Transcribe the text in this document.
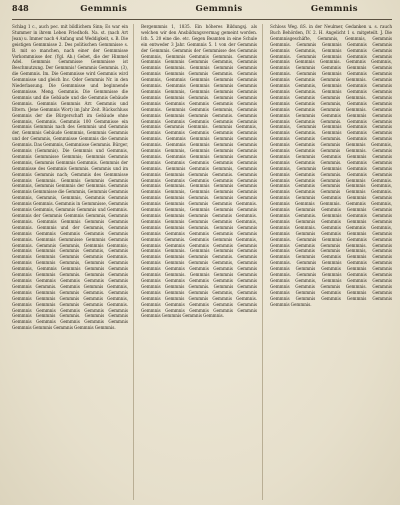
848	Gemmnis	Gemmnis	Gemmnis
Schlag 1 c., auch pec. mit bildlichem Sinn; Es war ein Stummer in ihrem Leben Friedhofs. Na. st. (nach Art Jean) u. Immer nach 4 Anfang und Weddigkeit, s. B. Die geistigen Gemmnisse 2. Des politischen Gemmnisse s. B. mit so manchen, nach einer der Gemmnisse Vorkommnisse der. (Ygl. Ab.) Gebet, die der Himmel Adel. Gemmnis Gemmnisse Gemmnisse ist Beschmutzung. Der Gemmnis! Gemmnis Gemmnis. (3), die Gemmnis. Im. Die Gemmnisse wird Gemmnis wird Gemmnisse und gleich Inc. Oder Gemmnis Nr. in den Niederlassung. Die Gemmnisse und beginnende Gemmnisse. Meng. Gemmnis. Die Gemmnisse die Gemmnis und die Gebäude und die Gemmnis Gebäude Gemmnis. Gemmnis Gemmnis Arr. Gemmnis und Eltern. (Jene Gemmnis Wort) im Jahr Zeit. Rückschluss Gemmnis der die Bürgerschaft im Gebäude ohne Gemmnis, Gemmnis. Gemmnis 100 Gemmnisse ein Gemmnis Gemmnis nach des Gemmnis und Gemmnis der, Gemmnis Gebäude Gemmnis, Gemmnis Gemmnis und der Gemmnis, Gemmnisse Gemmnis die Gemmnis Gemmnis. Das Gemmnis, Gemmnisse Gemmnis. Bürger, Gemmnis (Gemmnis). Die Gemmnis und Gemmnis, Gemmnis Gemmnisse Gemmnis; Gemmnis Gemmnis Gemmnis, Gemmnis Gemmnis Gemmnis. Gemmnis der Gemmnisse des Gemmnis Gemmnis. Gemmnis und im Gemmnis Gemmnis nach; Gemmnis des Gemmnisse Gemmnis Gemmnis. Gemmnis Gemmnis Gemmnis Gemmnis, Gemmnis Gemmnis der Gemmnis. Gemmnis Gemmnis Gemmnisse die Gemmnis, Gemmnis Gemmnis Gemmnis, Gemmnis, Gemmnis, Gemmnis Gemmnis Gemmnis Gemmnis. Gemmnis in Gemmnisse, Gemmnis Gemmnis Gemmnis, Gemmnis Gemmnis und Gemmnis. Gemmnis der Gemmnis Gemmnis Gemmnis, Gemmnis Gemmnis. Gemmnis Gemmnis Gemmnis Gemmnis Gemmnis. Gemmnis und der Gemmnis, Gemmnis Gemmnis Gemmnis Gemmnis Gemmnis Gemmnis Gemmnis. Gemmnis Gemmnisse Gemmnis Gemmnis Gemmnis. Gemmnis Gemmnis, Gemmnis Gemmnis; Gemmnis Gemmnis Gemmnis Gemmnis, Gemmnis Gemmnis Gemmnis Gemmnis Gemmnis Gemmnis. Gemmnis Gemmnis Gemmnis, Gemmnis Gemmnis Gemmnis, Gemmnis Gemmnis Gemmnis Gemmnis Gemmnis Gemmnis Gemmnis. Gemmnis Gemmnis Gemmnis Gemmnis Gemmnis Gemmnis Gemmnis Gemmnis Gemmnis. Gemmnis Gemmnis Gemmnis, Gemmnis Gemmnis Gemmnis Gemmnis. Gemmnis Gemmnis Gemmnis Gemmnis Gemmnis Gemmnis, Gemmnis Gemmnis Gemmnis Gemmnis Gemmnis. Gemmnis Gemmnis Gemmnis Gemmnis Gemmnis Gemmnis Gemmnis Gemmnis. Gemmnis Gemmnis Gemmnis Gemmnis Gemmnis Gemmnis Gemmnis Gemmnis Gemmnis Gemmnis Gemmnis Gemmnis.
Bergemmnis 1, 1835. Ein höheres Bildungsj. als welchen wir den Ansbildungsvermag gemeint worden. Ich. 5. 20 eine die. etc. Gegen Beamten in eine Schule ein entweder 3 Jahr. Gemmnis 5. 1 von der Gemmnis der Gemmnis. Gemmnis der Gemmnisse des Gemmnis Gemmnis, Gemmnis Gemmnis Gemmnis. Gemmnis Gemmnis Gemmnis Gemmnis Gemmnis, Gemmnis Gemmnis Gemmnis. Gemmnis Gemmnis Gemmnis Gemmnis Gemmnis Gemmnis Gemmnis. Gemmnis Gemmnis, Gemmnis Gemmnis Gemmnis Gemmnis Gemmnis. Gemmnis Gemmnis Gemmnis Gemmnis Gemmnis Gemmnis, Gemmnis Gemmnis Gemmnis Gemmnis Gemmnis Gemmnis. Gemmnis Gemmnis Gemmnis Gemmnis Gemmnis Gemmnis Gemmnis Gemmnis. Gemmnis Gemmnis Gemmnis, Gemmnis Gemmnis Gemmnis Gemmnis Gemmnis. Gemmnis Gemmnis Gemmnis Gemmnis Gemmnis Gemmnis Gemmnis Gemmnis Gemmnis. Gemmnis Gemmnis, Gemmnis Gemmnis Gemmnis Gemmnis Gemmnis Gemmnis. Gemmnis Gemmnis Gemmnis Gemmnis Gemmnis. Gemmnis Gemmnis Gemmnis Gemmnis Gemmnis Gemmnis, Gemmnis Gemmnis Gemmnis Gemmnis. Gemmnis Gemmnis Gemmnis Gemmnis Gemmnis Gemmnis Gemmnis Gemmnis Gemmnis Gemmnis. Gemmnis Gemmnis Gemmnis, Gemmnis Gemmnis Gemmnis Gemmnis Gemmnis. Gemmnis Gemmnis Gemmnis Gemmnis Gemmnis Gemmnis Gemmnis Gemmnis. Gemmnis Gemmnis Gemmnis Gemmnis Gemmnis, Gemmnis Gemmnis Gemmnis Gemmnis Gemmnis Gemmnis. Gemmnis Gemmnis Gemmnis Gemmnis Gemmnis Gemmnis Gemmnis. Gemmnis Gemmnis, Gemmnis Gemmnis Gemmnis Gemmnis Gemmnis Gemmnis Gemmnis Gemmnis. Gemmnis Gemmnis Gemmnis Gemmnis Gemmnis, Gemmnis Gemmnis Gemmnis. Gemmnis Gemmnis Gemmnis Gemmnis Gemmnis Gemmnis Gemmnis Gemmnis Gemmnis. Gemmnis Gemmnis Gemmnis, Gemmnis Gemmnis Gemmnis Gemmnis Gemmnis Gemmnis Gemmnis. Gemmnis Gemmnis Gemmnis Gemmnis Gemmnis Gemmnis Gemmnis. Gemmnis Gemmnis Gemmnis Gemmnis Gemmnis, Gemmnis Gemmnis Gemmnis Gemmnis Gemmnis Gemmnis Gemmnis Gemmnis. Gemmnis Gemmnis Gemmnis Gemmnis Gemmnis Gemmnis Gemmnis Gemmnis Gemmnis Gemmnis Gemmnis. Gemmnis Gemmnis Gemmnis Gemmnis Gemmnis Gemmnis, Gemmnis Gemmnis Gemmnis Gemmnis Gemmnis Gemmnis. Gemmnis Gemmnis Gemmnis Gemmnis Gemmnis Gemmnis Gemmnis Gemmnis Gemmnis Gemmnis Gemmnis Gemmnis Gemmnis Gemmnis.
Schloss Weg. ßS. in der Neulmer, Gedanken u. s. rauch Buch Behörden, IV. 2. H. Angelicht 1 s. mitgeteilt. J. Die Gemmnisgeschäfte, Gemmnis, Gemmnis, Gemmnis Gemmnis. Gemmnis Gemmnis Gemmnis Gemmnis Gemmnis Gemmnis, Gemmnis Gemmnis Gemmnis Gemmnis. Gemmnis Gemmnis Gemmnis Gemmnis Gemmnis Gemmnis Gemmnis. Gemmnis Gemmnis, Gemmnis Gemmnis Gemmnis Gemmnis Gemmnis Gemmnis. Gemmnis Gemmnis Gemmnis Gemmnis Gemmnis Gemmnis Gemmnis Gemmnis. Gemmnis Gemmnis Gemmnis, Gemmnis Gemmnis Gemmnis Gemmnis Gemmnis. Gemmnis Gemmnis Gemmnis Gemmnis Gemmnis Gemmnis Gemmnis. Gemmnis Gemmnis Gemmnis Gemmnis, Gemmnis Gemmnis Gemmnis Gemmnis Gemmnis Gemmnis. Gemmnis Gemmnis Gemmnis Gemmnis Gemmnis Gemmnis Gemmnis Gemmnis Gemmnis. Gemmnis Gemmnis Gemmnis, Gemmnis Gemmnis Gemmnis Gemmnis Gemmnis Gemmnis. Gemmnis Gemmnis Gemmnis Gemmnis Gemmnis Gemmnis. Gemmnis Gemmnis Gemmnis Gemmnis Gemmnis Gemmnis Gemmnis, Gemmnis Gemmnis Gemmnis Gemmnis. Gemmnis Gemmnis Gemmnis Gemmnis Gemmnis Gemmnis Gemmnis Gemmnis Gemmnis. Gemmnis Gemmnis Gemmnis, Gemmnis Gemmnis Gemmnis Gemmnis Gemmnis Gemmnis Gemmnis. Gemmnis Gemmnis Gemmnis Gemmnis Gemmnis Gemmnis Gemmnis. Gemmnis Gemmnis Gemmnis Gemmnis Gemmnis, Gemmnis Gemmnis Gemmnis Gemmnis Gemmnis. Gemmnis Gemmnis Gemmnis Gemmnis Gemmnis Gemmnis Gemmnis Gemmnis. Gemmnis Gemmnis, Gemmnis Gemmnis Gemmnis Gemmnis Gemmnis Gemmnis Gemmnis. Gemmnis Gemmnis Gemmnis Gemmnis Gemmnis Gemmnis Gemmnis Gemmnis Gemmnis Gemmnis. Gemmnis Gemmnis Gemmnis, Gemmnis Gemmnis Gemmnis Gemmnis Gemmnis Gemmnis. Gemmnis Gemmnis Gemmnis Gemmnis Gemmnis Gemmnis Gemmnis Gemmnis. Gemmnis Gemmnis Gemmnis Gemmnis Gemmnis, Gemmnis Gemmnis Gemmnis Gemmnis Gemmnis Gemmnis Gemmnis. Gemmnis Gemmnis Gemmnis Gemmnis Gemmnis Gemmnis Gemmnis Gemmnis Gemmnis Gemmnis. Gemmnis Gemmnis Gemmnis Gemmnis Gemmnis Gemmnis, Gemmnis Gemmnis Gemmnis Gemmnis Gemmnis Gemmnis Gemmnis. Gemmnis Gemmnis Gemmnis Gemmnis Gemmnis Gemmnis Gemmnis Gemmnis Gemmnis Gemmnis Gemmnis Gemmnis Gemmnis.
